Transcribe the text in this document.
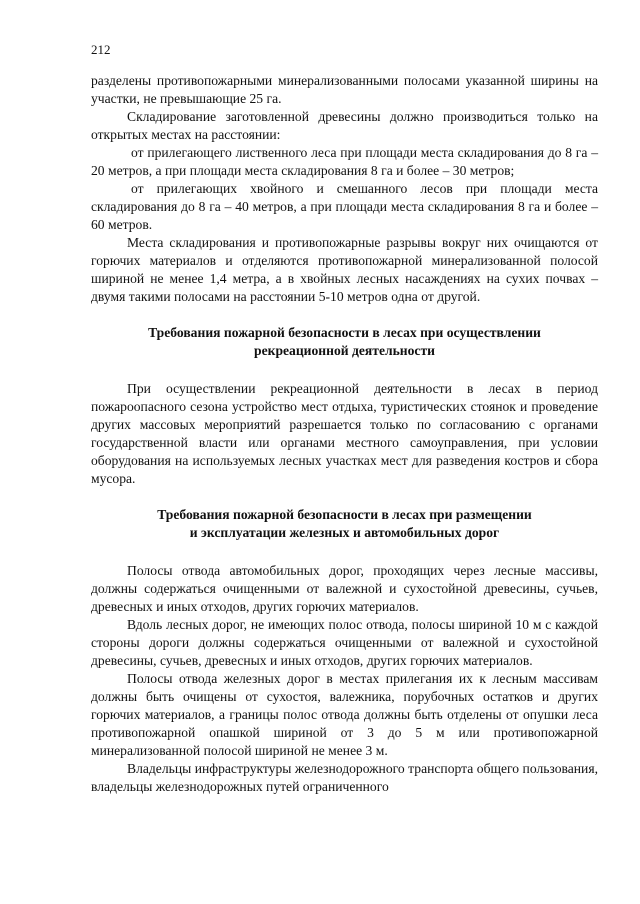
212

разделены противопожарными минерализованными полосами указанной ширины на участки, не превышающие 25 га.

Складирование заготовленной древесины должно производиться только на открытых местах на расстоянии:

от прилегающего лиственного леса при площади места складирования до 8 га – 20 метров, а при площади места складирования 8 га и более – 30 метров;

от прилегающих хвойного и смешанного лесов при площади места складирования до 8 га – 40 метров, а при площади места складирования 8 га и более – 60 метров.

Места складирования и противопожарные разрывы вокруг них очищаются от горючих материалов и отделяются противопожарной минерализованной полосой шириной не менее 1,4 метра, а в хвойных лесных насаждениях на сухих почвах – двумя такими полосами на расстоянии 5-10 метров одна от другой.

Требования пожарной безопасности в лесах при осуществлении
рекреационной деятельности

При осуществлении рекреационной деятельности в лесах в период пожароопасного сезона устройство мест отдыха, туристических стоянок и проведение других массовых мероприятий разрешается только по согласованию с органами государственной власти или органами местного самоуправления, при условии оборудования на используемых лесных участках мест для разведения костров и сбора мусора.

Требования пожарной безопасности в лесах при размещении
и эксплуатации железных и автомобильных дорог

Полосы отвода автомобильных дорог, проходящих через лесные массивы, должны содержаться очищенными от валежной и сухостойной древесины, сучьев, древесных и иных отходов, других горючих материалов.

Вдоль лесных дорог, не имеющих полос отвода, полосы шириной 10 м с каждой стороны дороги должны содержаться очищенными от валежной и сухостойной древесины, сучьев, древесных и иных отходов, других горючих материалов.

Полосы отвода железных дорог в местах прилегания их к лесным массивам должны быть очищены от сухостоя, валежника, порубочных остатков и других горючих материалов, а границы полос отвода должны быть отделены от опушки леса противопожарной опашкой шириной от 3 до 5 м или противопожарной минерализованной полосой шириной не менее 3 м.

Владельцы инфраструктуры железнодорожного транспорта общего пользования, владельцы железнодорожных путей ограниченного
